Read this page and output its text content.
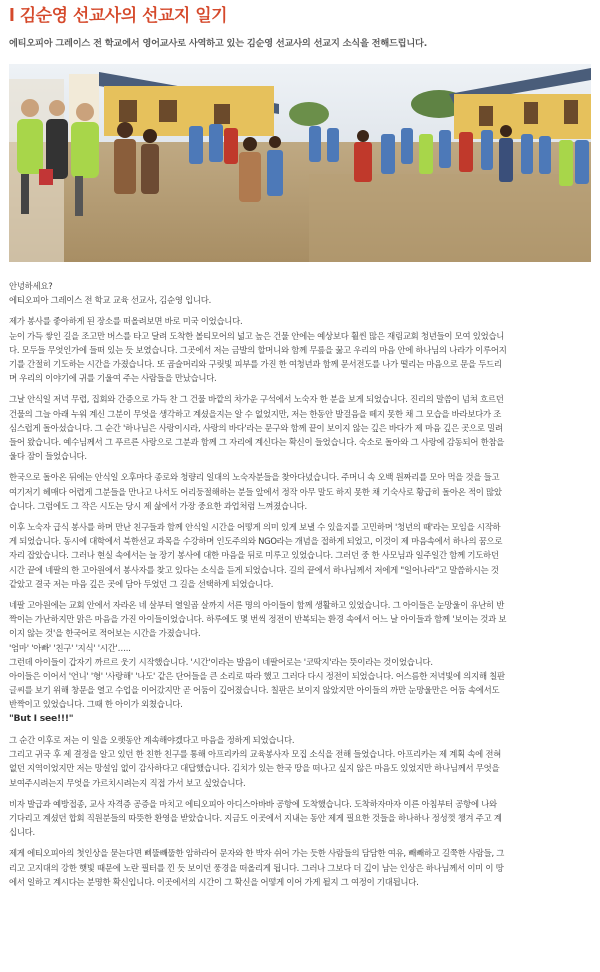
l 김순영 선교사의 선교지 일기
에티오피아 그레이스 전 학교에서 영어교사로 사역하고 있는 김순영 선교사의 선교지 소식을 전해드립니다.

안녕하세요?
에티오피아 그레이스 전 학교 교육 선교사, 김순영 입니다.

제가 봉사를 좋아하게 된 장소를 떠올려보면 바로 미국 이었습니다.
눈이 가득 쌓인 길을 조고만 버스를 타고 달려 도착한 볼티모어의 넓고 높은 건물 안에는 예상보다 훨씬 많은 재림교회 청년들이 모여 있었습니
다. 모두들 무엇인가에 들떠 있는 듯 보였습니다. 그곳에서 저는 금발의 할머니와 함께 무릎을 꿇고 우리의 마음 안에 하나님의 나라가 이루어지
기를 간절히 기도하는 시간을 가졌습니다. 또 곱슬머리와 구릿빛 피부를 가진 한 여청년과 함께 문서전도를 나가 떨리는 마음으로 문을 두드리
며 우리의 이야기에 귀를 기울여 주는 사람들을 만났습니다.

그날 안식일 저녁 무렵, 집회와 간증으로 가득 찬 그 건물 바깥의 차가운 구석에서 노숙자 한 분을 보게 되었습니다. 진리의 말씀이 넘쳐 흐르던
건물의 그늘 아래 누워 계신 그분이 무엇을 생각하고 계셨을지는 알 수 없었지만, 저는 한동안 발걸음을 떼지 못한 채 그 모습을 바라보다가 조
심스럽게 돌아섰습니다. 그 순간 '하나님은 사랑이시라, 사랑의 바다'라는 문구와 함께 끝이 보이지 않는 깊은 바다가 제 마음 깊은 곳으로 밀려
들어 왔습니다. 예수님께서 그 푸르른 사랑으로 그분과 함께 그 자리에 계신다는 확신이 들었습니다. 숙소로 돌아와 그 사랑에 감동되어 한참을
울다 잠이 들었습니다.

한국으로 돌아온 뒤에는 안식일 오후마다 종로와 청량리 일대의 노숙자분들을 찾아다녔습니다. 주머니 속 오백 원짜리를 모아 먹을 것을 들고
여기저기 헤매다 어렵게 그분들을 만나고 나서도 어리둥절해하는 분들 앞에서 정작 아무 말도 하지 못한 채 기숙사로 황급히 돌아온 적이 많았
습니다. 그럼에도 그 작은 시도는 당시 제 삶에서 가장 중요한 과업처럼 느껴졌습니다.

이후 노숙자 급식 봉사를 하며 만난 친구들과 함께 안식일 시간을 어떻게 의미 있게 보낼 수 있을지를 고민하며 '청년의 때'라는 모임을 시작하
게 되었습니다. 동시에 대학에서 북한선교 과목을 수강하며 인도주의와 NGO라는 개념을 접하게 되었고, 이것이 제 마음속에서 하나의 꿈으로
자리 잡았습니다. 그러나 현실 속에서는 늘 장기 봉사에 대한 마음을 뒤로 미루고 있었습니다. 그러던 중 한 사모님과 일주일간 함께 기도하던
시간 끝에 네팔의 한 고아원에서 봉사자를 찾고 있다는 소식을 듣게 되었습니다. 길의 끝에서 하나님께서 저에게 "일어나라"고 말씀하시는 것
같았고 결국 저는 마음 깊은 곳에 담아 두었던 그 길을 선택하게 되었습니다.

네팔 고아원에는 교회 안에서 자라온 네 살부터 열일곱 살까지 서른 명의 아이들이 함께 생활하고 있었습니다. 그 아이들은 눈망울이 유난히 반
짝이는 가난하지만 맑은 마음을 가진 아이들이었습니다. 하루에도 몇 번씩 정전이 반복되는 환경 속에서 어느 날 아이들과 함께 '보이는 것과 보
이지 않는 것'을 한국어로 적어보는 시간을 가졌습니다.
'엄마' '아빠' '친구' '지식' '시간'…..
그런데 아이들이 갑자기 까르르 웃기 시작했습니다. '시간'이라는 발음이 네팔어로는 '코딱지'라는 뜻이라는 것이었습니다.
아이들은 이어서 '언니' '형' '사랑해' '나도' 같은 단어들을 큰 소리로 따라 했고 그러다 다시 정전이 되었습니다. 어스름한 저녁빛에 의지해 칠판
글씨를 보기 위해 창문을 열고 수업을 이어갔지만 곧 어둠이 깊어졌습니다. 칠판은 보이지 않았지만 아이들의 까만 눈망울만은 어둠 속에서도
반짝이고 있었습니다. 그때 한 아이가 외쳤습니다.
"But I see!!!"

그 순간 이후로 저는 이 일을 오랫동안 계속해야겠다고 마음을 정하게 되었습니다.
그리고 귀국 후 제 결정을 알고 있던 한 친한 친구를 통해 아프리카의 교육봉사자 모집 소식을 전해 들었습니다. 아프리카는 제 계획 속에 전혀
없던 지역이었지만 저는 망설임 없이 감사하다고 대답했습니다. 김치가 있는 한국 땅을 떠나고 싶지 않은 마음도 있었지만 하나님께서 무엇을
보여주시려는지 무엇을 가르치시려는지 직접 가서 보고 싶었습니다.

비자 발급과 예방접종, 교사 자격증 공증을 마치고 에티오피아 아디스아바바 공항에 도착했습니다. 도착하자마자 이른 아침부터 공항에 나와
기다리고 계셨던 합회 직원분들의 따뜻한 환영을 받았습니다. 지금도 이곳에서 지내는 동안 제게 필요한 것들을 하나하나 정성껏 챙겨 주고 계
십니다.

제게 에티오피아의 첫인상을 묻는다면 삐뚤빼뚤한 암하라어 문자와 한 박자 쉬어 가는 듯한 사람들의 담담한 여유, 빼빼하고 길쭉한 사람들, 그
리고 고지대의 강한 햇빛 때문에 노란 필터를 낀 듯 보이던 풍경을 떠올리게 됩니다. 그러나 그보다 더 깊이 남는 인상은 하나님께서 이미 이 땅
에서 일하고 계시다는 분명한 확신입니다. 이곳에서의 시간이 그 확신을 어떻게 이어 가게 될지 그 여정이 기대됩니다.
